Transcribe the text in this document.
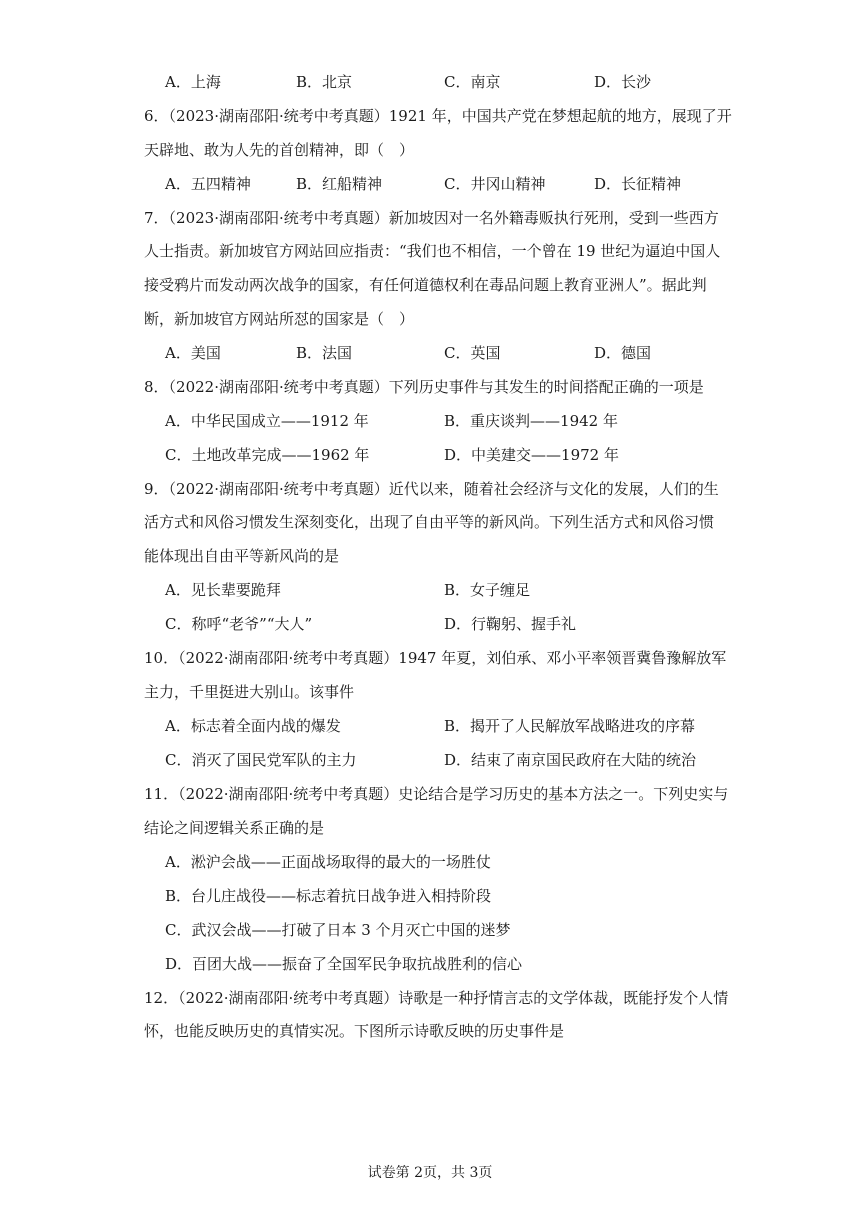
A．上海	B．北京	C．南京	D．长沙
6．（2023·湖南邵阳·统考中考真题）1921 年，中国共产党在梦想起航的地方，展现了开
天辟地、敢为人先的首创精神，即（　）
A．五四精神	B．红船精神	C．井冈山精神	D．长征精神
7．（2023·湖南邵阳·统考中考真题）新加坡因对一名外籍毒贩执行死刑，受到一些西方
人士指责。新加坡官方网站回应指责：“我们也不相信，一个曾在 19 世纪为逼迫中国人
接受鸦片而发动两次战争的国家，有任何道德权利在毒品问题上教育亚洲人”。据此判
断，新加坡官方网站所怼的国家是（　）
A．美国	B．法国	C．英国	D．德国
8．（2022·湖南邵阳·统考中考真题）下列历史事件与其发生的时间搭配正确的一项是
A．中华民国成立——1912 年	B．重庆谈判——1942 年
C．土地改革完成——1962 年	D．中美建交——1972 年
9．（2022·湖南邵阳·统考中考真题）近代以来，随着社会经济与文化的发展，人们的生
活方式和风俗习惯发生深刻变化，出现了自由平等的新风尚。下列生活方式和风俗习惯
能体现出自由平等新风尚的是
A．见长辈要跪拜	B．女子缠足
C．称呼“老爷”“大人”	D．行鞠躬、握手礼
10．（2022·湖南邵阳·统考中考真题）1947 年夏，刘伯承、邓小平率领晋冀鲁豫解放军
主力，千里挺进大别山。该事件
A．标志着全面内战的爆发	B．揭开了人民解放军战略进攻的序幕
C．消灭了国民党军队的主力	D．结束了南京国民政府在大陆的统治
11．（2022·湖南邵阳·统考中考真题）史论结合是学习历史的基本方法之一。下列史实与
结论之间逻辑关系正确的是
A．淞沪会战——正面战场取得的最大的一场胜仗
B．台儿庄战役——标志着抗日战争进入相持阶段
C．武汉会战——打破了日本 3 个月灭亡中国的迷梦
D．百团大战——振奋了全国军民争取抗战胜利的信心
12．（2022·湖南邵阳·统考中考真题）诗歌是一种抒情言志的文学体裁，既能抒发个人情
怀，也能反映历史的真情实况。下图所示诗歌反映的历史事件是
试卷第 2页，共 3页
